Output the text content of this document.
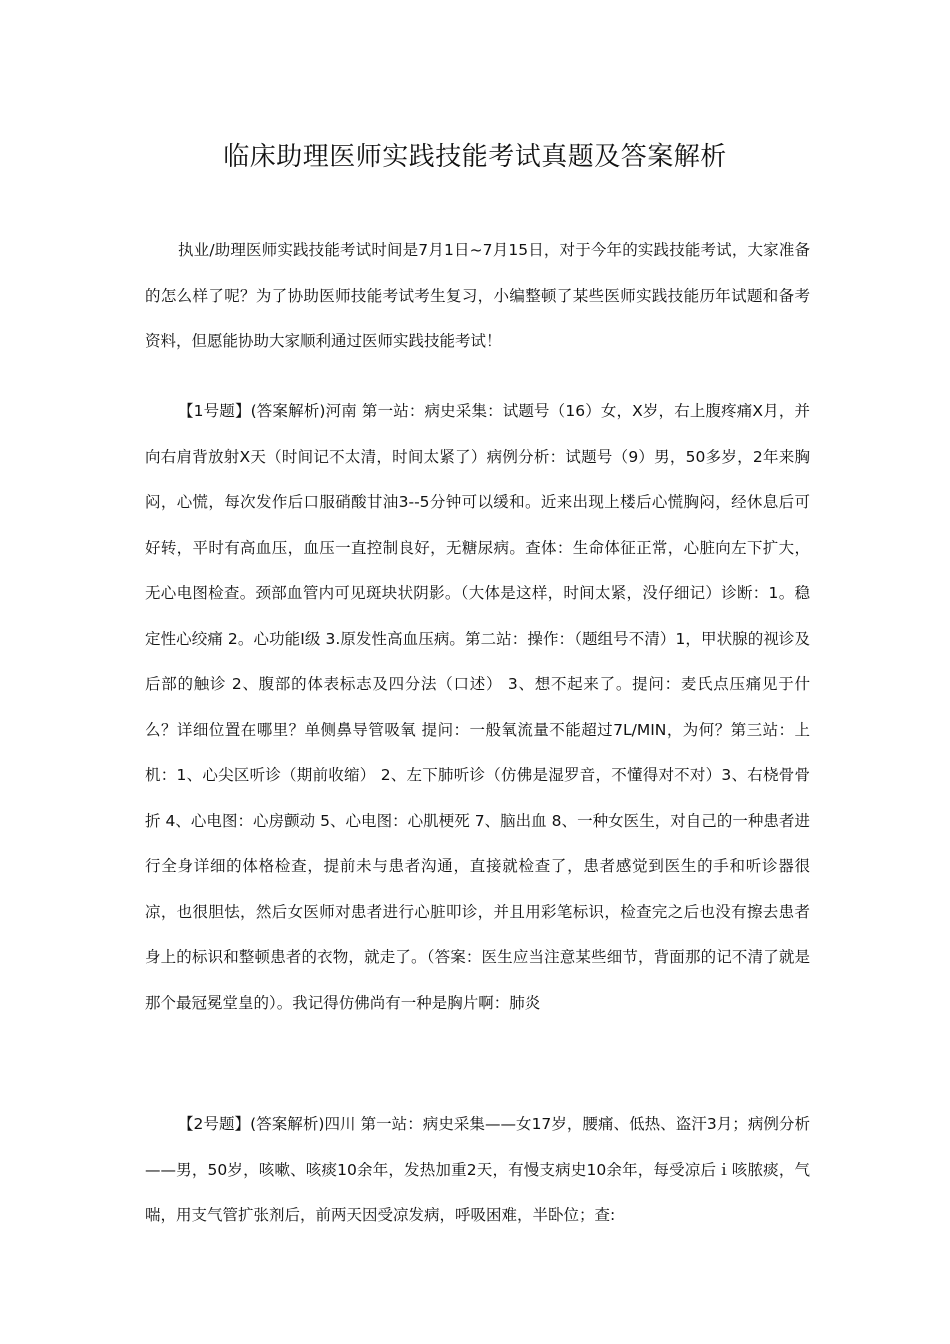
临床助理医师实践技能考试真题及答案解析

执业/助理医师实践技能考试时间是7月1日~7月15日，对于今年的实践技能考试，大家准备的怎么样了呢？为了协助医师技能考试考生复习，小编整顿了某些医师实践技能历年试题和备考资料，但愿能协助大家顺利通过医师实践技能考试！

【1号题】(答案解析)河南 第一站：病史采集：试题号（16）女，X岁，右上腹疼痛X月，并向右肩背放射X天（时间记不太清，时间太紧了）病例分析：试题号（9）男，50多岁，2年来胸闷，心慌，每次发作后口服硝酸甘油3--5分钟可以缓和。近来出现上楼后心慌胸闷，经休息后可好转，平时有高血压，血压一直控制良好，无糖尿病。查体：生命体征正常，心脏向左下扩大，无心电图检查。颈部血管内可见斑块状阴影。（大体是这样，时间太紧，没仔细记）诊断：1。稳定性心绞痛 2。心功能Ⅰ级 3.原发性高血压病。第二站：操作：（题组号不清）1，甲状腺的视诊及后部的触诊 2、腹部的体表标志及四分法（口述） 3、想不起来了。提问：麦氏点压痛见于什么？详细位置在哪里？单侧鼻导管吸氧 提问：一般氧流量不能超过7L/MIN，为何？第三站：上机：1、心尖区听诊（期前收缩） 2、左下肺听诊（仿佛是湿罗音，不懂得对不对）3、右桡骨骨折 4、心电图：心房颤动 5、心电图：心肌梗死 7、脑出血 8、一种女医生，对自己的一种患者进行全身详细的体格检查，提前未与患者沟通，直接就检查了，患者感觉到医生的手和听诊器很凉，也很胆怯，然后女医师对患者进行心脏叩诊，并且用彩笔标识，检查完之后也没有擦去患者身上的标识和整顿患者的衣物，就走了。（答案：医生应当注意某些细节，背面那的记不清了就是那个最冠冕堂皇的）。我记得仿佛尚有一种是胸片啊：肺炎

【2号题】(答案解析)四川 第一站：病史采集——女17岁，腰痛、低热、盗汗3月；病例分析——男，50岁，咳嗽、咳痰10余年，发热加重2天，有慢支病史10余年，每受凉后ｉ咳脓痰，气喘，用支气管扩张剂后，前两天因受凉发病，呼吸困难，半卧位；查:
